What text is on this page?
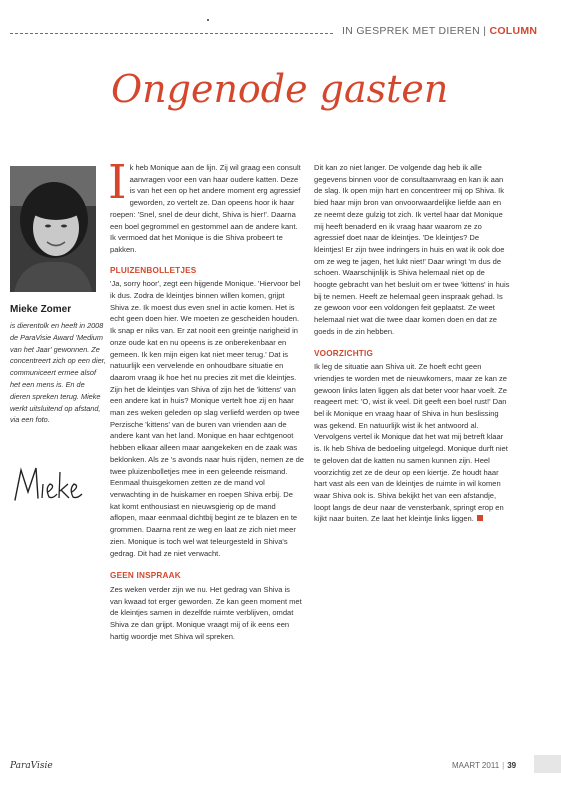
IN GESPREK MET DIEREN | COLUMN
Ongenode gasten
Mieke Zomer
is dierentolk en heeft in 2008 de ParaVisie Award 'Medium van het Jaar' gewonnen. Ze concentreert zich op een dier, communiceert ermee alsof het een mens is. En de dieren spreken terug. Mieke werkt uitsluitend op afstand, via een foto.

Ik heb Monique aan de lijn. Zij wil graag een consult aanvragen voor een van haar oudere katten. Deze is van het een op het andere moment erg agressief geworden, zo vertelt ze. Dan opeens hoor ik haar roepen: 'Snel, snel de deur dicht, Shiva is hier!'. Daarna een boel gegrommel en gestommel aan de andere kant. Ik vermoed dat het Monique is die Shiva probeert te pakken.

PLUIZENBOLLETJES

'Ja, sorry hoor', zegt een hijgende Monique. 'Hiervoor bel ik dus. Zodra de kleintjes binnen willen komen, grijpt Shiva ze. Ik moest dus even snel in actie komen. Het is echt geen doen hier. We moeten ze gescheiden houden. Ik snap er niks van. Er zat nooit een greintje narigheid in onze oude kat en nu opeens is ze onberekenbaar en gemeen. Ik ken mijn eigen kat niet meer terug.' Dat is natuurlijk een vervelende en onhoudbare situatie en daarom vraag ik hoe het nu precies zit met die kleintjes. Zijn het de kleintjes van Shiva of zijn het de 'kittens' van een andere kat in huis? Monique vertelt hoe zij en haar man zes weken geleden op slag verliefd werden op twee Perzische 'kittens' van de buren van vrienden aan de andere kant van het land. Monique en haar echtgenoot hebben elkaar alleen maar aangekeken en de zaak was beklonken. Als ze 's avonds naar huis rijden, nemen ze de twee pluizenbolletjes mee in een geleende reismand. Eenmaal thuisgekomen zetten ze de mand vol verwachting in de huiskamer en roepen Shiva erbij. De kat komt enthousiast en nieuwsgierig op de mand aflopen, maar eenmaal dichtbij begint ze te blazen en te grommen. Daarna rent ze weg en laat ze zich niet meer zien. Monique is toch wel wat teleurgesteld in Shiva's gedrag. Dit had ze niet verwacht.

GEEN INSPRAAK

Zes weken verder zijn we nu. Het gedrag van Shiva is van kwaad tot erger geworden. Ze kan geen moment met de kleintjes samen in dezelfde ruimte verblijven, omdat Shiva ze dan grijpt. Monique vraagt mij of ik eens een hartig woordje met Shiva wil spreken.

Dit kan zo niet langer. De volgende dag heb ik alle gegevens binnen voor de consultaanvraag en kan ik aan de slag. Ik open mijn hart en concentreer mij op Shiva. Ik bied haar mijn bron van onvoorwaardelijke liefde aan en ze neemt deze gulzig tot zich. Ik vertel haar dat Monique mij heeft benaderd en ik vraag haar waarom ze zo agressief doet naar de kleintjes. 'De kleintjes? De kleintjes! Er zijn twee indringers in huis en wat ik ook doe om ze weg te jagen, het lukt niet!' Daar wringt 'm dus de schoen. Waarschijnlijk is Shiva helemaal niet op de hoogte gebracht van het besluit om er twee 'kittens' in huis bij te nemen. Heeft ze helemaal geen inspraak gehad. Is ze gewoon voor een voldongen feit geplaatst. Ze weet helemaal niet wat die twee daar komen doen en dat ze goeds in de zin hebben.

VOORZICHTIG

Ik leg de situatie aan Shiva uit. Ze hoeft echt geen vriendjes te worden met de nieuwkomers, maar ze kan ze gewoon links laten liggen als dat beter voor haar voelt. Ze reageert met: 'O, wist ik veel. Dit geeft een boel rust!' Dan bel ik Monique en vraag haar of Shiva in hun beslissing was gekend. En natuurlijk wist ik het antwoord al. Vervolgens vertel ik Monique dat het wat mij betreft klaar is. Ik heb Shiva de bedoeling uitgelegd. Monique durft niet te geloven dat de katten nu samen kunnen zijn. Heel voorzichtig zet ze de deur op een kiertje. Ze houdt haar hart vast als een van de kleintjes de ruimte in wil komen waar Shiva ook is. Shiva bekijkt het van een afstandje, loopt langs de deur naar de vensterbank, springt erop en kijkt naar buiten. Ze laat het kleintje links liggen.

ParaVisie	MAART 2011 | 39
